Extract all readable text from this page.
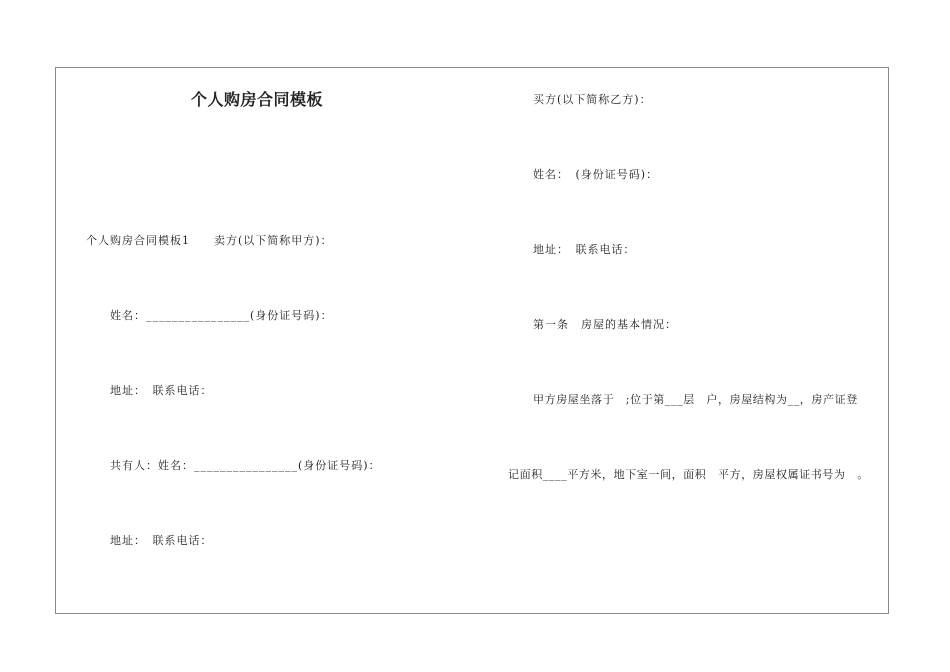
个人购房合同模板
个人购房合同模板1　　卖方(以下简称甲方)：
姓名：________________(身份证号码)：
地址：　联系电话：
共有人：姓名：________________(身份证号码)：
地址：　联系电话：
买方(以下简称乙方)：
姓名：　(身份证号码)：
地址：　联系电话：
第一条　房屋的基本情况：
甲方房屋坐落于　;位于第___层　户，房屋结构为__，房产证登
记面积____平方米，地下室一间，面积　平方，房屋权属证书号为　。
